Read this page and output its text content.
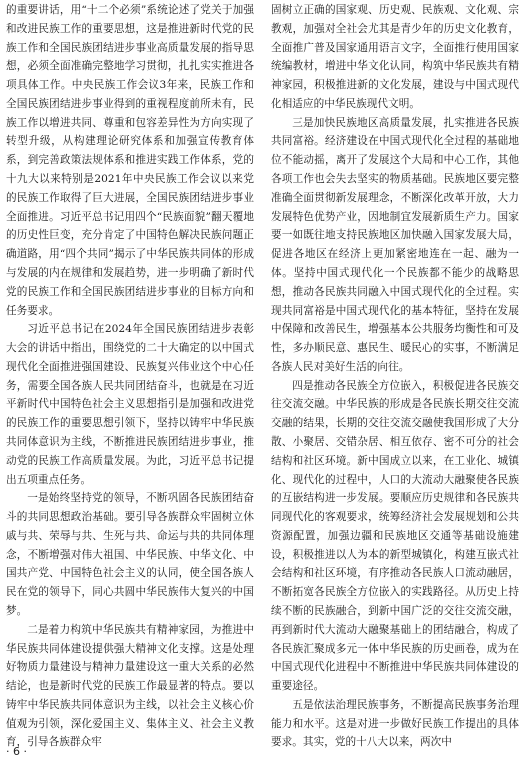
的重要讲话，用“十二个必须”系统论述了党关于加强和改进民族工作的重要思想，这是推进新时代党的民族工作和全国民族团结进步事业高质量发展的指导思想，必须全面准确完整地学习贯彻，扎扎实实推进各项具体工作。中央民族工作会议3年来，民族工作和全国民族团结进步事业得到的重视程度前所未有，民族工作以增进共同、尊重和包容差异性为方向实现了转型升级，从构建理论研究体系和加强宣传教育体系，到完善政策法规体系和推进实践工作体系，党的十九大以来特别是2021年中央民族工作会议以来党的民族工作取得了巨大进展，全国民族团结进步事业全面推进。习近平总书记用四个“民族面貌”翻天覆地的历史性巨变，充分肯定了中国特色解决民族问题正确道路，用“四个共同”揭示了中华民族共同体的形成与发展的内在规律和发展趋势，进一步明确了新时代党的民族工作和全国民族团结进步事业的目标方向和任务要求。

习近平总书记在2024年全国民族团结进步表彰大会的讲话中指出，围绕党的二十大确定的以中国式现代化全面推进强国建设、民族复兴伟业这个中心任务，需要全国各族人民共同团结奋斗，也就是在习近平新时代中国特色社会主义思想指引是加强和改进党的民族工作的重要思想引领下，坚持以铸牢中华民族共同体意识为主线，不断推进民族团结进步事业，推动党的民族工作高质量发展。为此，习近平总书记提出五项重点任务。

一是始终坚持党的领导，不断巩固各民族团结奋斗的共同思想政治基础。要引导各族群众牢固树立休戚与共、荣辱与共、生死与共、命运与共的共同体理念，不断增强对伟大祖国、中华民族、中华文化、中国共产党、中国特色社会主义的认同，使全国各族人民在党的领导下，同心共圆中华民族伟大复兴的中国梦。

二是着力构筑中华民族共有精神家园，为推进中华民族共同体建设提供强大精神文化支撑。这是处理好物质力量建设与精神力量建设这一重大关系的必然结论，也是新时代党的民族工作最显著的特点。要以铸牢中华民族共同体意识为主线，以社会主义核心价值观为引领，深化爱国主义、集体主义、社会主义教育，引导各族群众牢

固树立正确的国家观、历史观、民族观、文化观、宗教观，加强对全社会尤其是青少年的历史文化教育，全面推广普及国家通用语言文字，全面推行使用国家统编教材，增进中华文化认同，构筑中华民族共有精神家园，积极推进新的文化发展，建设与中国式现代化相适应的中华民族现代文明。

三是加快民族地区高质量发展，扎实推进各民族共同富裕。经济建设在中国式现代化全过程的基础地位不能动摇，离开了发展这个大局和中心工作，其他各项工作也会失去坚实的物质基础。民族地区要完整准确全面贯彻新发展理念，不断深化改革开放，大力发展特色优势产业，因地制宜发展新质生产力。国家要一如既往地支持民族地区加快融入国家发展大局，促进各地区在经济上更加紧密地连在一起、融为一体。坚持中国式现代化一个民族都不能少的战略思想，推动各民族共同融入中国式现代化的全过程。实现共同富裕是中国式现代化的基本特征，坚持在发展中保障和改善民生，增强基本公共服务均衡性和可及性，多办顺民意、惠民生、暖民心的实事，不断满足各族人民对美好生活的向往。

四是推动各民族全方位嵌入，积极促进各民族交往交流交融。中华民族的形成是各民族长期交往交流交融的结果，长期的交往交流交融使我国形成了大分散、小聚居、交错杂居、相互依存、密不可分的社会结构和社区环境。新中国成立以来，在工业化、城镇化、现代化的过程中，人口的大流动大融聚使各民族的互嵌结构进一步发展。要顺应历史规律和各民族共同现代化的客观要求，统筹经济社会发展规划和公共资源配置，加强边疆和民族地区交通等基础设施建设，积极推进以人为本的新型城镇化，构建互嵌式社会结构和社区环境，有序推动各民族人口流动融居，不断拓宽各民族全方位嵌入的实践路径。从历史上持续不断的民族融合，到新中国广泛的交往交流交融，再到新时代大流动大融聚基础上的团结融合，构成了各民族汇聚成多元一体中华民族的历史画卷，成为在中国式现代化进程中不断推进中华民族共同体建设的重要途径。

五是依法治理民族事务，不断提高民族事务治理能力和水平。这是对进一步做好民族工作提出的具体要求。其实，党的十八大以来，两次中

· 6 ·
